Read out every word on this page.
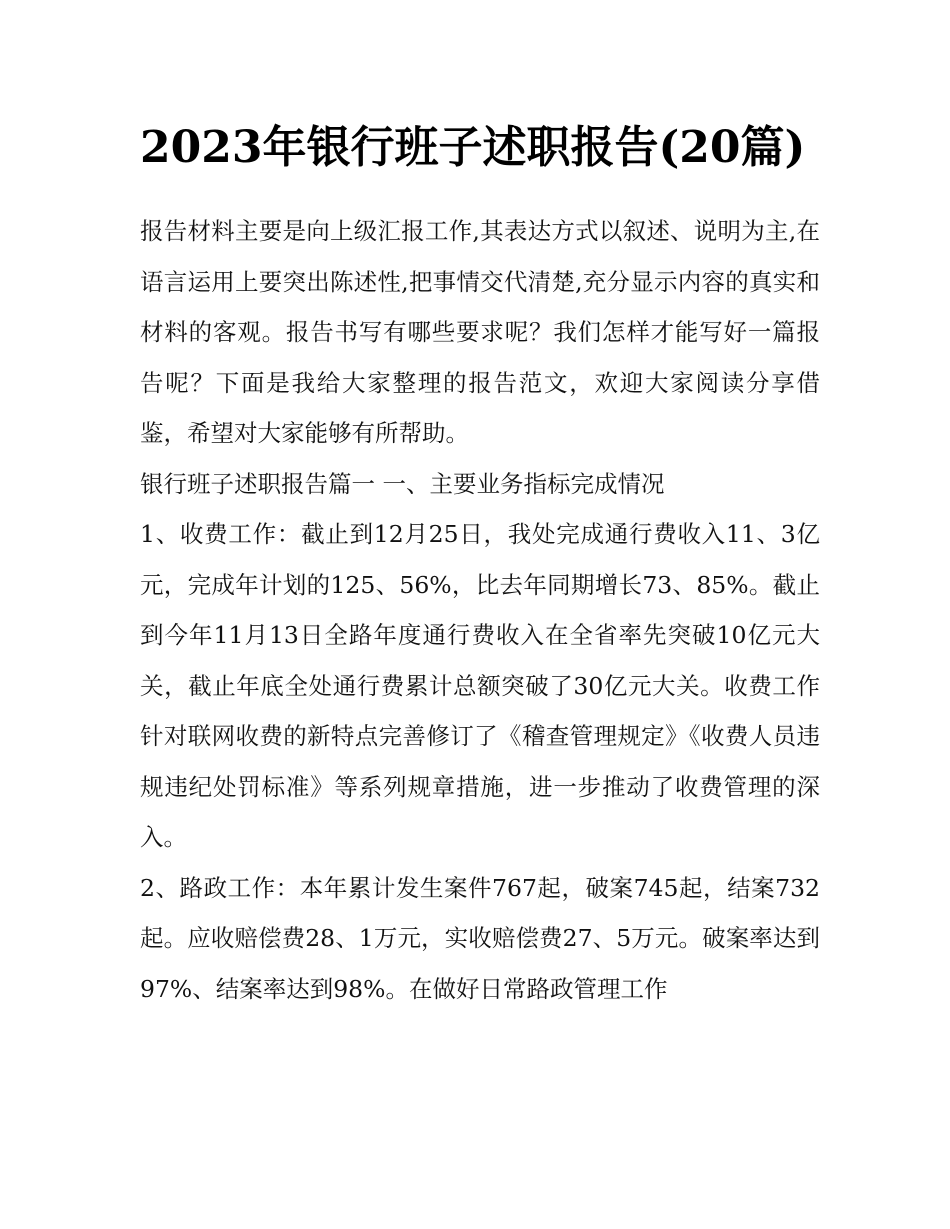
2023年银行班子述职报告(20篇)

报告材料主要是向上级汇报工作,其表达方式以叙述、说明为主,在语言运用上要突出陈述性,把事情交代清楚,充分显示内容的真实和材料的客观。报告书写有哪些要求呢？我们怎样才能写好一篇报告呢？下面是我给大家整理的报告范文，欢迎大家阅读分享借鉴，希望对大家能够有所帮助。

银行班子述职报告篇一 一、主要业务指标完成情况

1、收费工作：截止到12月25日，我处完成通行费收入11、3亿元，完成年计划的125、56%，比去年同期增长73、85%。截止到今年11月13日全路年度通行费收入在全省率先突破10亿元大关，截止年底全处通行费累计总额突破了30亿元大关。收费工作针对联网收费的新特点完善修订了《稽查管理规定》《收费人员违规违纪处罚标准》等系列规章措施，进一步推动了收费管理的深入。

2、路政工作：本年累计发生案件767起，破案745起，结案732起。应收赔偿费28、1万元，实收赔偿费27、5万元。破案率达到97%、结案率达到98%。在做好日常路政管理工作
